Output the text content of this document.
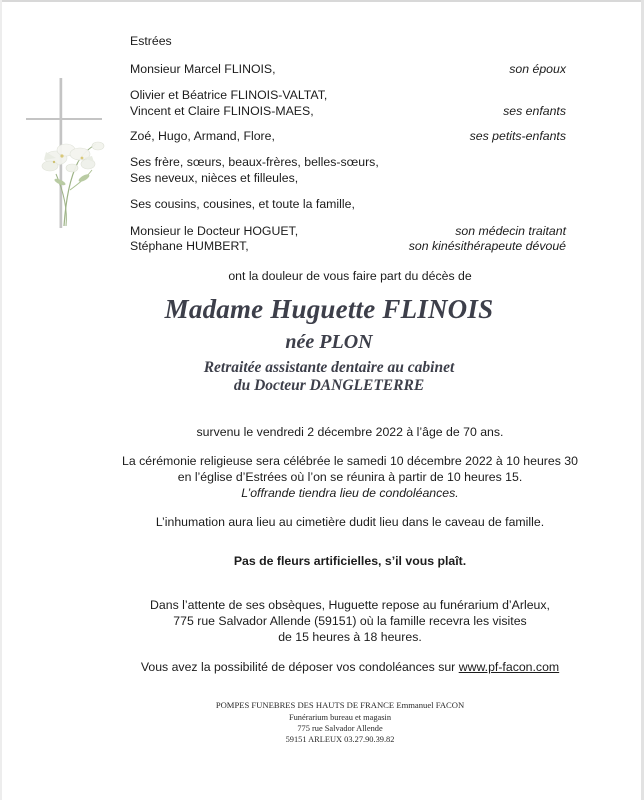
Estrées
Monsieur Marcel FLINOIS,	son époux
Olivier et Béatrice FLINOIS-VALTAT,
Vincent et Claire FLINOIS-MAES,	ses enfants
Zoé, Hugo, Armand, Flore,	ses petits-enfants
Ses frère, sœurs, beaux-frères, belles-sœurs,
Ses neveux, nièces et filleules,
Ses cousins, cousines, et toute la famille,
Monsieur le Docteur HOGUET,	son médecin traitant
Stéphane HUMBERT,	son kinésithérapeute dévoué
ont la douleur de vous faire part du décès de
Madame Huguette FLINOIS
née PLON
Retraitée assistante dentaire au cabinet
du Docteur DANGLETERRE
survenu le vendredi 2 décembre 2022 à l’âge de 70 ans.
La cérémonie religieuse sera célébrée le samedi 10 décembre 2022 à 10 heures 30
en l’église d’Estrées où l’on se réunira à partir de 10 heures 15.
L’offrande tiendra lieu de condoléances.
L’inhumation aura lieu au cimetière dudit lieu dans le caveau de famille.
Pas de fleurs artificielles, s’il vous plaît.
Dans l’attente de ses obsèques, Huguette repose au funérarium d’Arleux,
775 rue Salvador Allende (59151) où la famille recevra les visites
de 15 heures à 18 heures.
Vous avez la possibilité de déposer vos condoléances sur www.pf-facon.com
POMPES FUNEBRES DES HAUTS DE FRANCE Emmanuel FACON
Funérarium bureau et magasin
775 rue Salvador Allende
59151 ARLEUX 03.27.90.39.82
